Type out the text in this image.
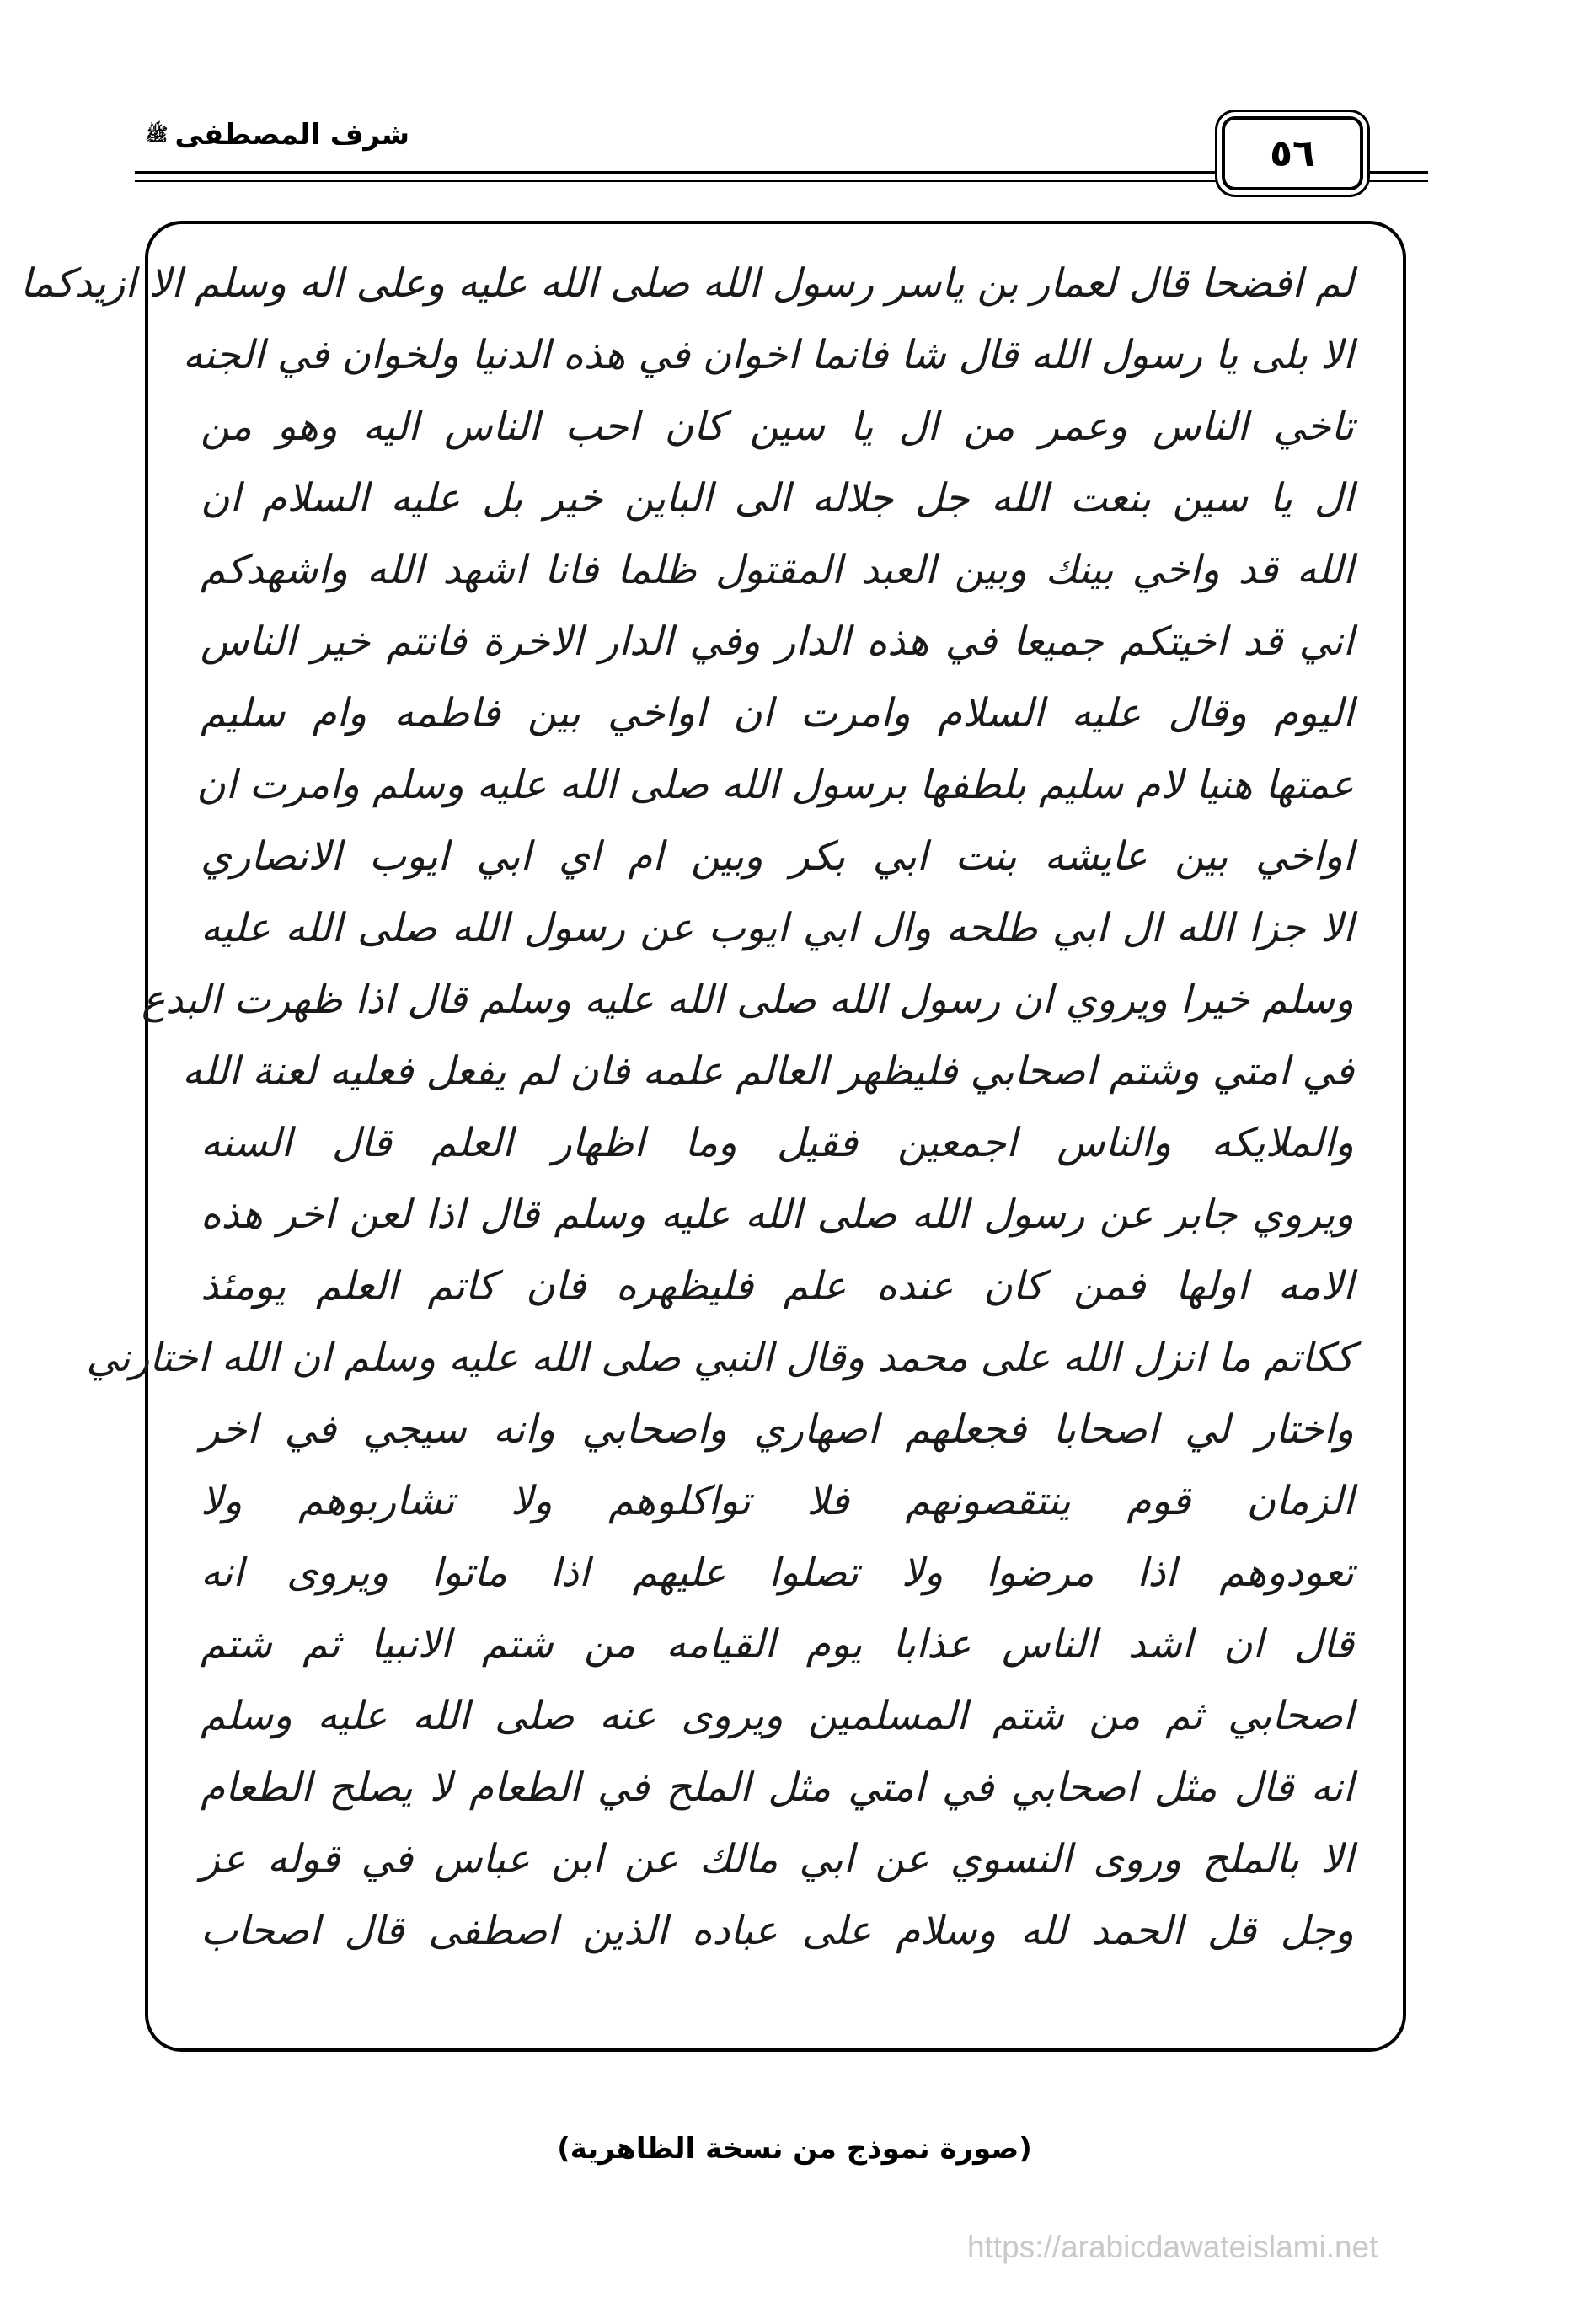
شرف المصطفىﷺ	٥٦
لم افضحا قال لعمار بن ياسر رسول الله صلى الله عليه وعلى اله وسلم الا ازيدكما
الا بلى يا رسول الله قال شا فانما اخوان في هذه الدنيا ولخوان في الجنه
تاخي الناس وعمر من ال يا سين كان احب الناس اليه وهو من
ال يا سين بنعت الله جل جلاله الى الباين خير بل عليه السلام ان
الله قد واخي بينك وبين العبد المقتول ظلما فانا اشهد الله واشهدكم
اني قد اخيتكم جميعا في هذه الدار وفي الدار الاخرة فانتم خير الناس
اليوم وقال عليه السلام وامرت ان اواخي بين فاطمه وام سليم
عمتها هنيا لام سليم بلطفها برسول الله صلى الله عليه وسلم وامرت ان
اواخي بين عايشه بنت ابي بكر وبين ام اي ابي ايوب الانصاري
الا جزا الله ال ابي طلحه وال ابي ايوب عن رسول الله صلى الله عليه
وسلم خيرا ويروي ان رسول الله صلى الله عليه وسلم قال اذا ظهرت البدع
في امتي وشتم اصحابي فليظهر العالم علمه فان لم يفعل فعليه لعنة الله
والملايكه والناس اجمعين فقيل وما اظهار العلم قال السنه
ويروي جابر عن رسول الله صلى الله عليه وسلم قال اذا لعن اخر هذه
الامه اولها فمن كان عنده علم فليظهره فان كاتم العلم يومئذ
ككاتم ما انزل الله على محمد وقال النبي صلى الله عليه وسلم ان الله اختارني
واختار لي اصحابا فجعلهم اصهاري واصحابي وانه سيجي في اخر
الزمان قوم ينتقصونهم فلا تواكلوهم ولا تشاربوهم ولا
تعودوهم اذا مرضوا ولا تصلوا عليهم اذا ماتوا ويروى انه
قال ان اشد الناس عذابا يوم القيامه من شتم الانبيا ثم شتم
اصحابي ثم من شتم المسلمين ويروى عنه صلى الله عليه وسلم
انه قال مثل اصحابي في امتي مثل الملح في الطعام لا يصلح الطعام
الا بالملح وروى النسوي عن ابي مالك عن ابن عباس في قوله عز
وجل قل الحمد لله وسلام على عباده الذين اصطفى قال اصحاب
(صورة نموذج من نسخة الظاهرية)
https://arabicdawateislami.net
